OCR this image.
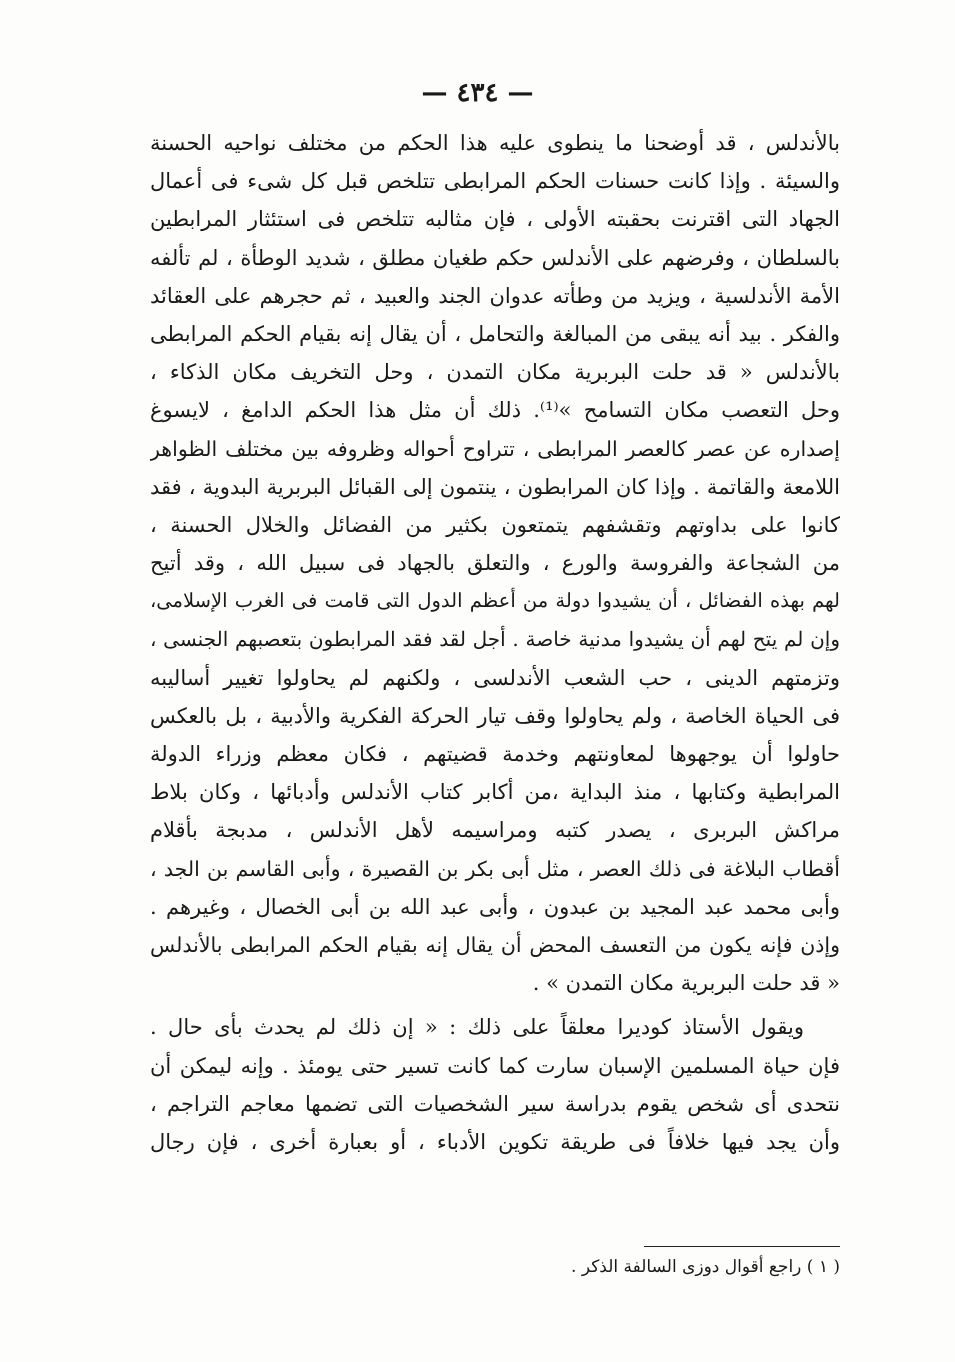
— ٤٣٤ —
بالأندلس ، قد أوضحنا ما ينطوى عليه هذا الحكم من مختلف نواحيه الحسنة
والسيئة . وإذا كانت حسنات الحكم المرابطى تتلخص قبل كل شىء فى أعمال
الجهاد التى اقترنت بحقبته الأولى ، فإن مثالبه تتلخص فى استئثار المرابطين
بالسلطان ، وفرضهم على الأندلس حكم طغيان مطلق ، شديد الوطأة ، لم تألفه
الأمة الأندلسية ، ويزيد من وطأته عدوان الجند والعبيد ، ثم حجرهم على العقائد
والفكر . بيد أنه يبقى من المبالغة والتحامل ، أن يقال إنه بقيام الحكم المرابطى
بالأندلس « قد حلت البربرية مكان التمدن ، وحل التخريف مكان الذكاء ،
وحل التعصب مكان التسامح »⁽¹⁾. ذلك أن مثل هذا الحكم الدامغ ، لايسوغ
إصداره عن عصر كالعصر المرابطى ، تتراوح أحواله وظروفه بين مختلف الظواهر
اللامعة والقاتمة . وإذا كان المرابطون ، ينتمون إلى القبائل البربرية البدوية ، فقد
كانوا على بداوتهم وتقشفهم يتمتعون بكثير من الفضائل والخلال الحسنة ،
من الشجاعة والفروسة والورع ، والتعلق بالجهاد فى سبيل الله ، وقد أتيح
لهم بهذه الفضائل ، أن يشيدوا دولة من أعظم الدول التى قامت فى الغرب الإسلامى،
وإن لم يتح لهم أن يشيدوا مدنية خاصة . أجل لقد فقد المرابطون بتعصبهم الجنسى ،
وتزمتهم الدينى ، حب الشعب الأندلسى ، ولكنهم لم يحاولوا تغيير أساليبه
فى الحياة الخاصة ، ولم يحاولوا وقف تيار الحركة الفكرية والأدبية ، بل بالعكس
حاولوا أن يوجهوها لمعاونتهم وخدمة قضيتهم ، فكان معظم وزراء الدولة
المرابطية وكتابها ، منذ البداية ،من أكابر كتاب الأندلس وأدبائها ، وكان بلاط
مراكش البربرى ، يصدر كتبه ومراسيمه لأهل الأندلس ، مدبجة بأقلام
أقطاب البلاغة فى ذلك العصر ، مثل أبى بكر بن القصيرة ، وأبى القاسم بن الجد ،
وأبى محمد عبد المجيد بن عبدون ، وأبى عبد الله بن أبى الخصال ، وغيرهم .
وإذن فإنه يكون من التعسف المحض أن يقال إنه بقيام الحكم المرابطى بالأندلس
« قد حلت البربرية مكان التمدن » .
ويقول الأستاذ كوديرا معلقاً على ذلك : « إن ذلك لم يحدث بأى حال .
فإن حياة المسلمين الإسبان سارت كما كانت تسير حتى يومئذ . وإنه ليمكن أن
نتحدى أى شخص يقوم بدراسة سير الشخصيات التى تضمها معاجم التراجم ،
وأن يجد فيها خلافاً فى طريقة تكوين الأدباء ، أو بعبارة أخرى ، فإن رجال
( ١ ) راجع أقوال دوزى السالفة الذكر .
